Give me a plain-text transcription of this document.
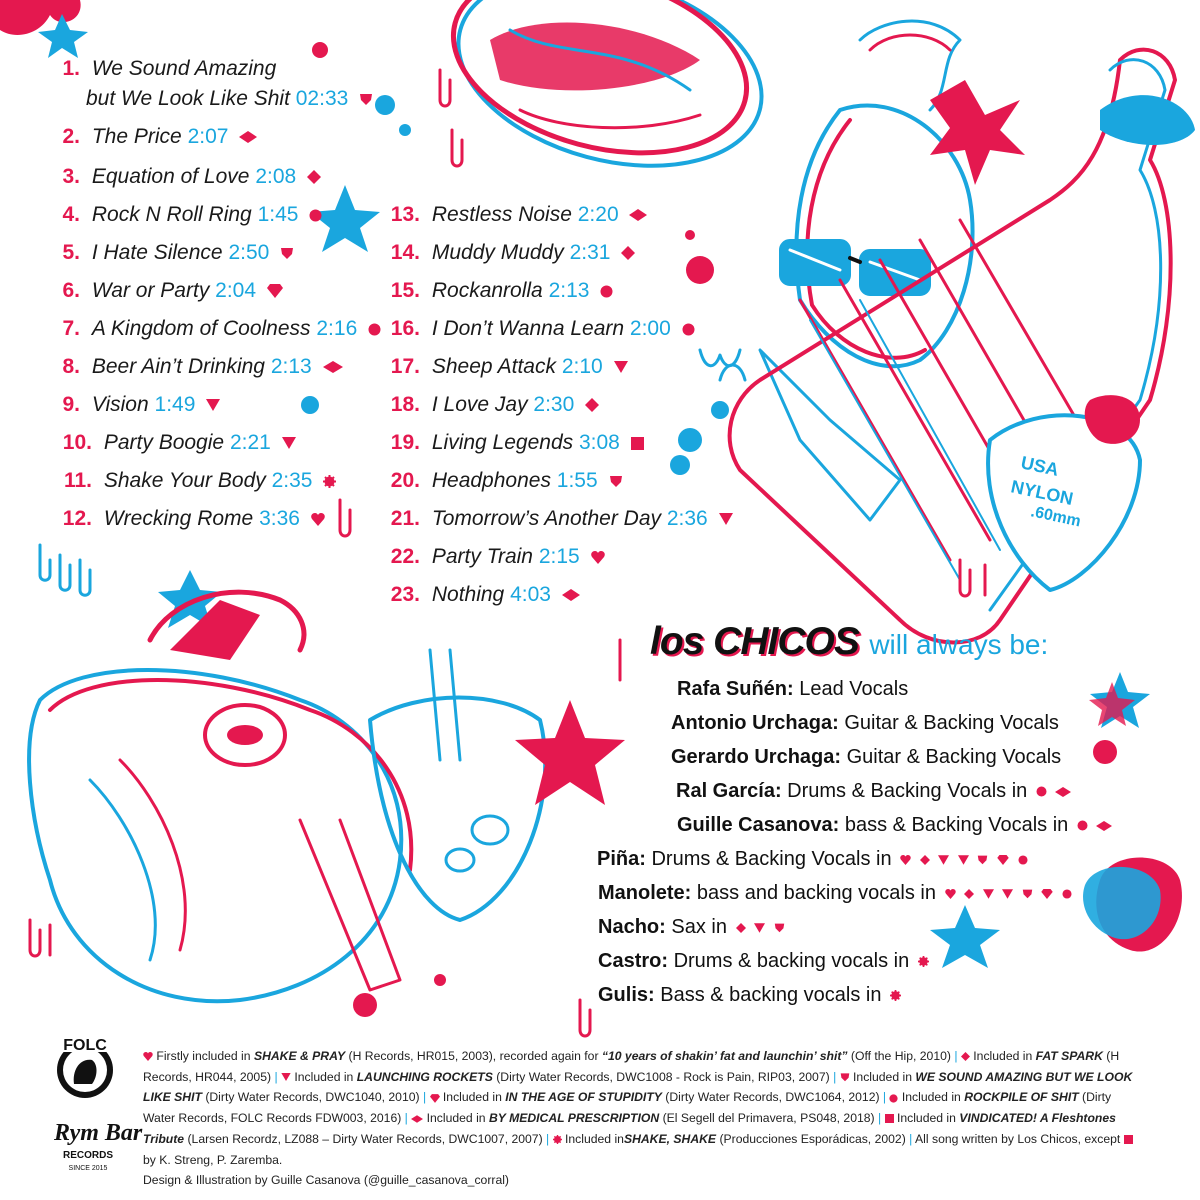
USA
NYLON
.60mm
1. We Sound Amazing
but We Look Like Shit 02:33
2. The Price 2:07
3. Equation of Love 2:08
4. Rock N Roll Ring 1:45
5. I Hate Silence 2:50
6. War or Party 2:04
7. A Kingdom of Coolness 2:16
8. Beer Ain’t Drinking 2:13
9. Vision 1:49
10. Party Boogie 2:21
11. Shake Your Body 2:35
12. Wrecking Rome 3:36
13. Restless Noise 2:20
14. Muddy Muddy 2:31
15. Rockanrolla 2:13
16. I Don’t Wanna Learn 2:00
17. Sheep Attack 2:10
18. I Love Jay 2:30
19. Living Legends 3:08
20. Headphones 1:55
21. Tomorrow’s Another Day 2:36
22. Party Train 2:15
23. Nothing 4:03
los CHICOS will always be:
Rafa Suñén: Lead Vocals
Antonio Urchaga: Guitar & Backing Vocals
Gerardo Urchaga: Guitar & Backing Vocals
Ral García: Drums & Backing Vocals in
Guille Casanova: bass & Backing Vocals in
Piña: Drums & Backing Vocals in
Manolete: bass and backing vocals in
Nacho: Sax in
Castro: Drums & backing vocals in
Gulis: Bass & backing vocals in
FOLC
Rym Bar
RECORDS
SINCE 2015
Firstly included in SHAKE & PRAY (H Records, HR015, 2003), recorded again for “10 years of shakin’ fat and launchin’ shit” (Off the Hip, 2010) | Included in FAT SPARK (H Records, HR044, 2005) | Included in LAUNCHING ROCKETS (Dirty Water Records, DWC1008 - Rock is Pain, RIP03, 2007) | Included in WE SOUND AMAZING BUT WE LOOK LIKE SHIT (Dirty Water Records, DWC1040, 2010) | Included in IN THE AGE OF STUPIDITY (Dirty Water Records, DWC1064, 2012) | Included in ROCKPILE OF SHIT (Dirty Water Records, FOLC Records FDW003, 2016) | Included in BY MEDICAL PRESCRIPTION (El Segell del Primavera, PS048, 2018) | Included in VINDICATED! A Fleshtones Tribute (Larsen Recordz, LZ088 – Dirty Water Records, DWC1007, 2007) | Included inSHAKE, SHAKE (Producciones Esporádicas, 2002) | All song written by Los Chicos, except  by K. Streng, P. Zaremba.
Design & Illustration by Guille Casanova (@guille_casanova_corral)
